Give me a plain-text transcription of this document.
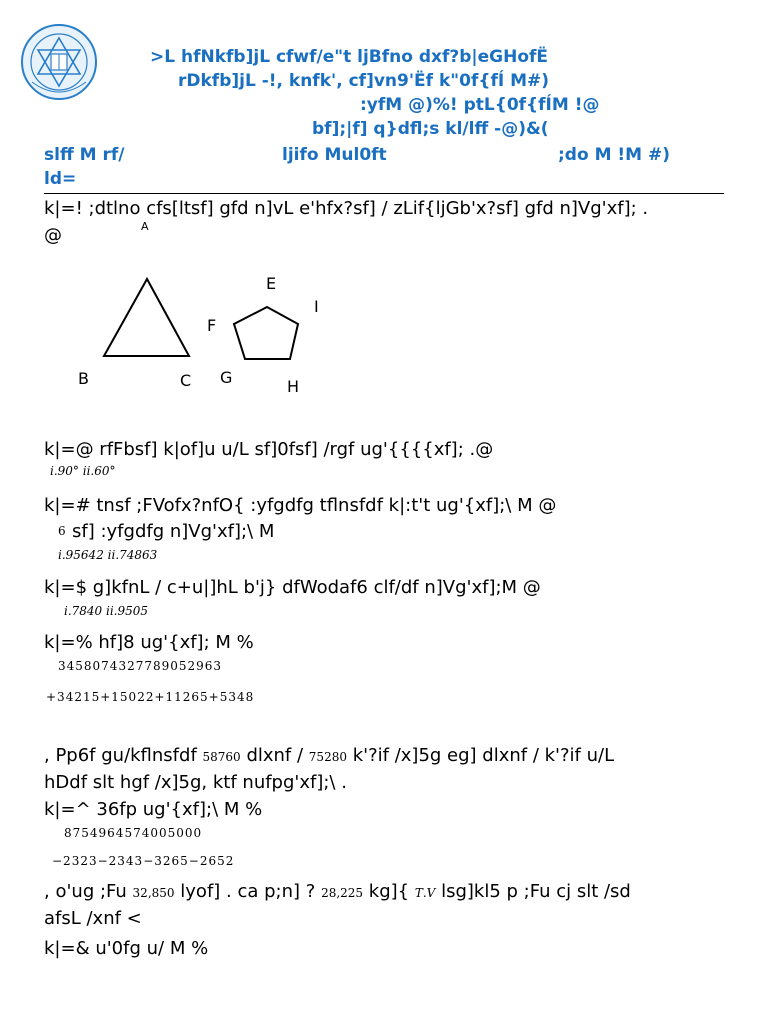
>L hfNkfb]jL cfwf/e"t ljBfno dxf?b|eGHofË
rDkfb]jL -!, knfk', cf]vn9'Ëf k"0f{fÍ M#)
:yfM @)%! ptL{0f{fÍM !@
bf];|f] q}dfl;s kl/lff -@)&(
slff M rf/	ljifo Mul0ft	;do M !M #)
ld=
k|=! ;dtlno cfs[ltsf] gfd n]vL e'hfx?sf] / zLif{ljGb'x?sf] gfd n]Vg'xf]; .
@	A
B	C
E
F
G	H
I
k|=@ rfFbsf] k|of]u u/L sf]0fsf] /rgf ug'{{{{xf]; .@
𝑖.90° 𝑖𝑖.60°
k|=# tnsf ;FVofx?nfO{ :yfgdfg tflnsfdf k|:t't ug'{xf];\ M @
6 sf] :yfgdfg n]Vg'xf];\ M
𝑖.95642 𝑖𝑖.74863
k|=$ g]kfnL / c+u|]hL b'j} dfWodaf6 clf/df n]Vg'xf];M @
𝑖.7840 𝑖𝑖.9505
k|=% hf]8 ug'{xf]; M %
3458074327789052963
+34215+15022+11265+5348
, Pp6f gu/kflnsfdf 58760 dlxnf / 75280 k'?if /x]5g eg] dlxnf / k'?if u/L
hDdf slt hgf /x]5g, ktf nufpg'xf];\ .
k|=^ 36fp ug'{xf];\ M %
8754964574005000
−2323−2343−3265−2652
, o'ug ;Fu 32,850 lyof] . ca p;n] ? 28,225 kg]{ 𝑇.𝑉 lsg]kl5 p ;Fu cj slt /sd
afsL /xnf <
k|=& u'0fg u/ M %
